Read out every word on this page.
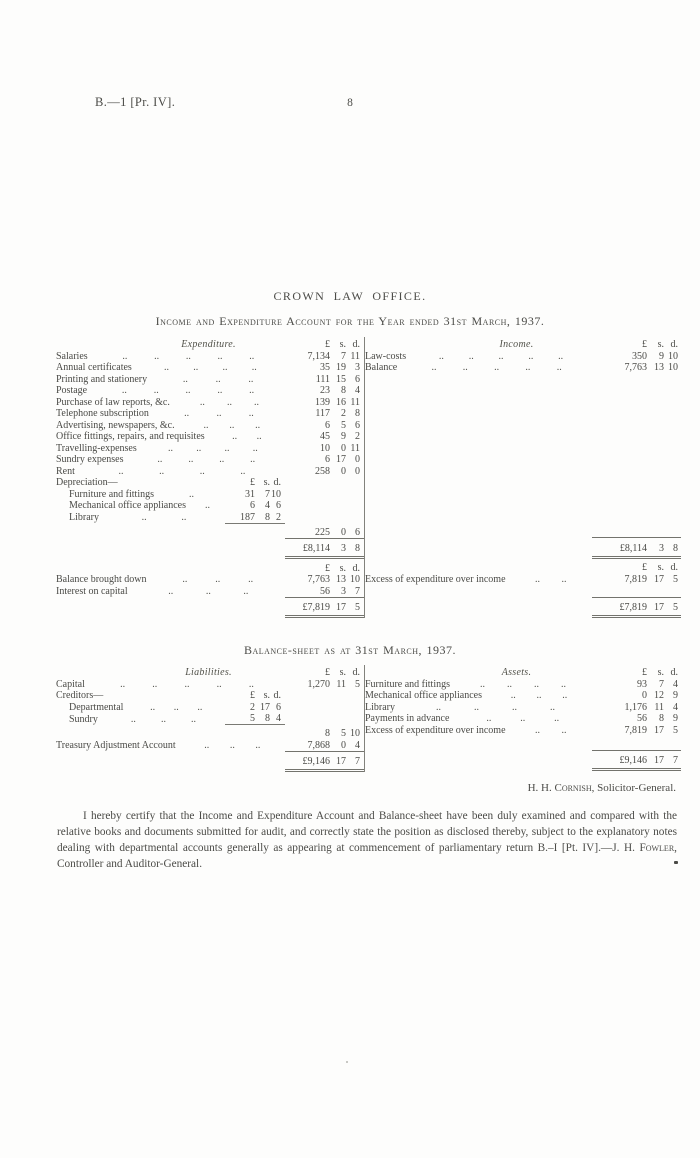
B.—1 [Pr. IV].	8
CROWN LAW OFFICE.
Income and Expenditure Account for the Year ended 31st March, 1937.
Expenditure.				£	s.	d.

Salaries	..	..	..	..	..	7,134	7	11

Annual certificates .. .. .. ..				35	19	3

Printing and stationery .. .. ..				111	15	6

Postage	..	..	..	..	..	23	8	4

Purchase of law reports, &c. .. .. ..				139	16	11

Telephone subscription .. .. ..				117	2	8

Advertising, newspapers, &c. .. .. ..				6	5	6

Office fittings, repairs, and requisites .. ..				45	9	2

Travelling-expenses .. .. .. ..				10	0	11

Sundry expenses .. .. .. ..				6	17	0

Rent .. .. .. ..				258	0	0

Depreciation—	£	s.	d.			

Furniture and fittings ..	31	7	10			

Mechanical office appliances ..	6	4	6			

Library .. ..	187	8	2			

				225	0	6
				£8,114	3	8
				£	s.	d.

Balance brought down .. .. ..				7,763	13	10

Interest on capital .. .. ..				56	3	7
				£7,819	17	5
Income.	£	s.	d.

Law-costs	.. .. .. .. ..	350	9	10

Balance	..	..	..	..	..	7,763	13	10

	£8,114	3	8
	£	s.	d.

Excess of expenditure over income .. ..	7,819	17	5

	£7,819	17	5
Balance-sheet as at 31st March, 1937.
Liabilities.				£	s.	d.

Capital	..	..	..	..	..	1,270	11	5

Creditors—	£	s.	d.			

Departmental .. .. ..	2	17	6			

Sundry .. .. ..	5	8	4			

				8	5	10

Treasury Adjustment Account .. .. ..				7,868	0	4
				£9,146	17	7
Assets.	£	s.	d.

Furniture and fittings .. .. .. ..	93	7	4

Mechanical office appliances .. .. ..	0	12	9

Library .. .. .. ..	1,176	11	4

Payments in advance .. .. ..	56	8	9

Excess of expenditure over income .. ..	7,819	17	5

	£9,146	17	7
H. H. Cornish, Solicitor-General.
I hereby certify that the Income and Expenditure Account and Balance-sheet have been duly examined and compared with the relative books and documents submitted for audit, and correctly state the position as disclosed thereby, subject to the explanatory notes dealing with departmental accounts generally as appearing at commencement of parliamentary return B.–I [Pt. IV].—J. H. Fowler, Controller and Auditor-General.
